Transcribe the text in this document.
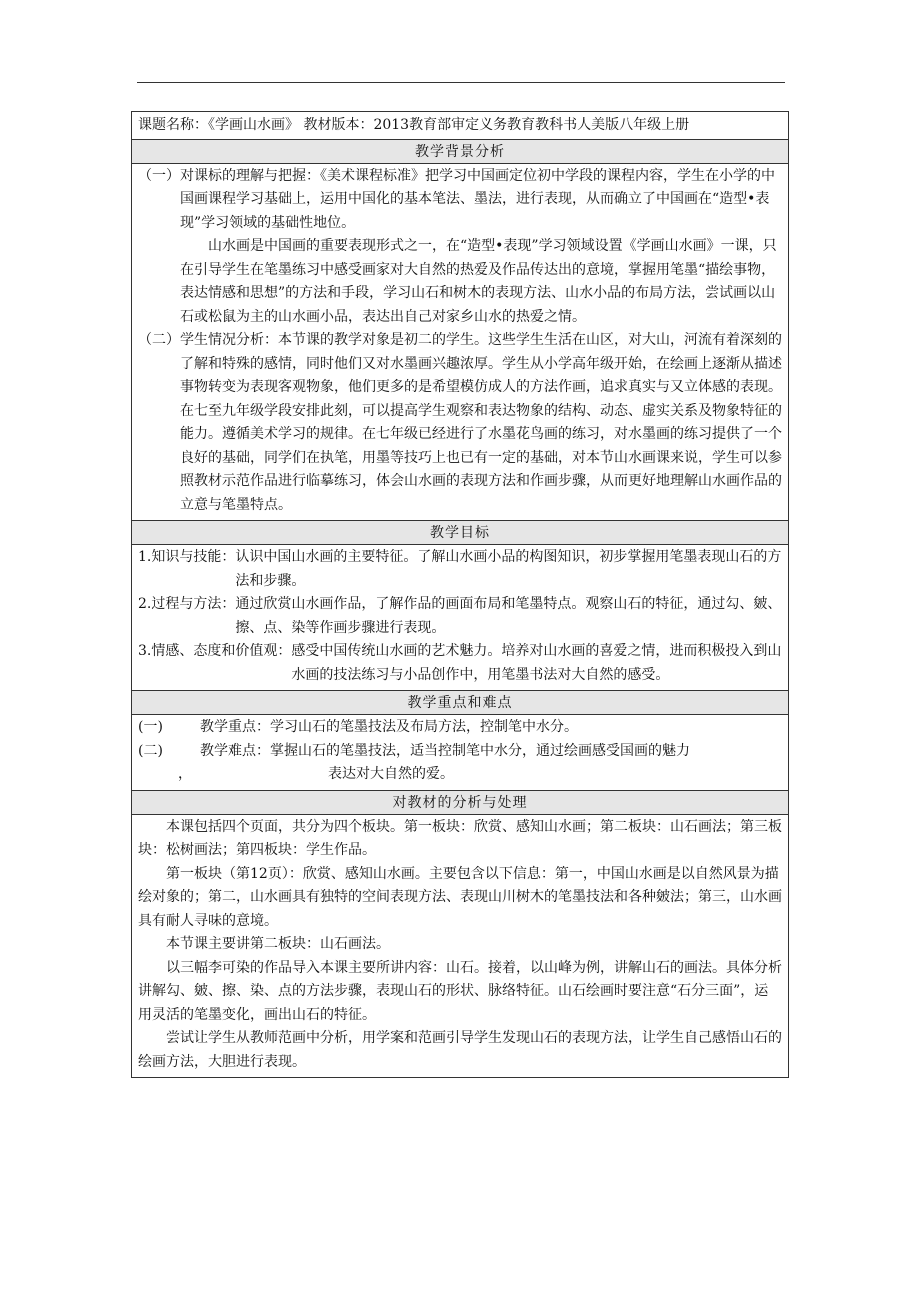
课题名称：《学画山水画》 教材版本：2013教育部审定义务教育教科书人美版八年级上册
教学背景分析
（一） 对课标的理解与把握：《美术课程标准》把学习中国画定位初中学段的课程内容，学生在小学的中国画课程学习基础上，运用中国化的基本笔法、墨法，进行表现，从而确立了中国画在“造型•表现”学习领域的基础性地位。
山水画是中国画的重要表现形式之一，在“造型•表现”学习领域设置《学画山水画》一课，只在引导学生在笔墨练习中感受画家对大自然的热爱及作品传达出的意境，掌握用笔墨“描绘事物，表达情感和思想”的方法和手段，学习山石和树木的表现方法、山水小品的布局方法，尝试画以山石或松鼠为主的山水画小品，表达出自己对家乡山水的热爱之情。
（二） 学生情况分析：本节课的教学对象是初二的学生。这些学生生活在山区，对大山，河流有着深刻的了解和特殊的感情，同时他们又对水墨画兴趣浓厚。学生从小学高年级开始，在绘画上逐渐从描述事物转变为表现客观物象，他们更多的是希望模仿成人的方法作画，追求真实与又立体感的表现。在七至九年级学段安排此刻，可以提高学生观察和表达物象的结构、动态、虚实关系及物象特征的能力。遵循美术学习的规律。在七年级已经进行了水墨花鸟画的练习，对水墨画的练习提供了一个良好的基础，同学们在执笔，用墨等技巧上也已有一定的基础，对本节山水画课来说，学生可以参照教材示范作品进行临摹练习，体会山水画的表现方法和作画步骤，从而更好地理解山水画作品的立意与笔墨特点。
教学目标
1.知识与技能： 认识中国山水画的主要特征。了解山水画小品的构图知识，初步掌握用笔墨表现山石的方法和步骤。
2.过程与方法： 通过欣赏山水画作品，了解作品的画面布局和笔墨特点。观察山石的特征，通过勾、皴、擦、点、染等作画步骤进行表现。
3.情感、态度和价值观： 感受中国传统山水画的艺术魅力。培养对山水画的喜爱之情，进而积极投入到山水画的技法练习与小品创作中，用笔墨书法对大自然的感受。
教学重点和难点
(一)	教学重点：学习山石的笔墨技法及布局方法，控制笔中水分。
(二)	教学难点：掌握山石的笔墨技法，适当控制笔中水分，通过绘画感受国画的魅力
，	表达对大自然的爱。
对教材的分析与处理
本课包括四个页面，共分为四个板块。第一板块：欣赏、感知山水画；第二板块：山石画法；第三板块：松树画法；第四板块：学生作品。
第一板块（第12页）：欣赏、感知山水画。主要包含以下信息：第一，中国山水画是以自然风景为描绘对象的；第二，山水画具有独特的空间表现方法、表现山川树木的笔墨技法和各种皴法；第三，山水画具有耐人寻味的意境。
本节课主要讲第二板块：山石画法。
以三幅李可染的作品导入本课主要所讲内容：山石。接着，以山峰为例，讲解山石的画法。具体分析讲解勾、皴、擦、染、点的方法步骤，表现山石的形状、脉络特征。山石绘画时要注意“石分三面”，运用灵活的笔墨变化，画出山石的特征。
尝试让学生从教师范画中分析，用学案和范画引导学生发现山石的表现方法，让学生自己感悟山石的绘画方法，大胆进行表现。
